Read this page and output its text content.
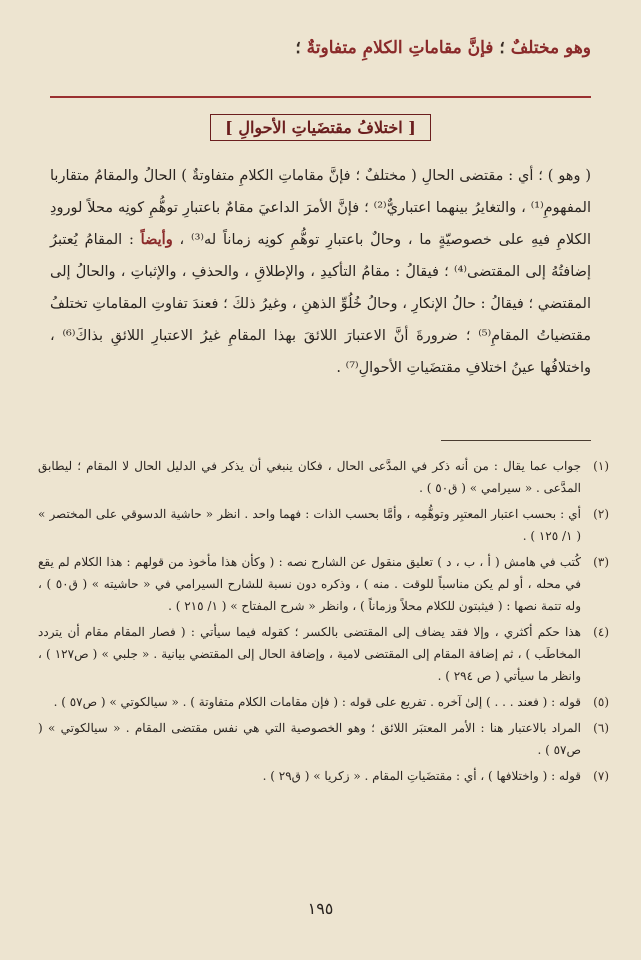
وهو مختلفٌ ؛ فإنَّ مقاماتِ الكلامِ متفاوتةٌ ؛
[ اختلافُ مقتضَياتِ الأحوالِ ]
( وهو ) ؛ أي : مقتضى الحالِ ( مختلفٌ ؛ فإنَّ مقاماتِ الكلامِ متفاوتةٌ ) الحالُ والمقامُ متقاربا المفهومِ⁽¹⁾ ، والتغايرُ بينهما اعتباريٌّ⁽²⁾ ؛ فإنَّ الأمرَ الداعيَ مقامٌ باعتبارِ توهُّمِ كونِه محلاً لورودِ الكلامِ فيهِ على خصوصيّةٍ ما ، وحالٌ باعتبارِ توهُّمِ كونِه زماناً له⁽³⁾ ، وأيضاً : المقامُ يُعتبرُ إضافتُهُ إلى المقتضى⁽⁴⁾ ؛ فيقالُ : مقامُ التأكيدِ ، والإطلاقِ ، والحذفِ ، والإثباتِ ، والحالُ إلى المقتضي ؛ فيقالُ : حالُ الإنكارِ ، وحالُ خُلُوِّ الذهنِ ، وغيرُ ذلكَ ؛ فعندَ تفاوتِ المقاماتِ تختلفُ مقتضياتُ المقامِ⁽⁵⁾ ؛ ضرورةَ أنَّ الاعتبارَ اللائقَ بهذا المقامِ غيرُ الاعتبارِ اللائقِ بذاكَ⁽⁶⁾ ، واختلافُها عينُ اختلافِ مقتضَياتِ الأحوالِ⁽⁷⁾ .
(١)
جواب عما يقال : من أنه ذكر في المدَّعى الحال ، فكان ينبغي أن يذكر في الدليل الحال لا المقام ؛ ليطابق المدَّعى . « سيرامي » ( ق٥٠ ) .
(٢)
أي : بحسب اعتبار المعتبِر وتوهُّمِه ، وأمَّا بحسب الذات : فهما واحد . انظر « حاشية الدسوقي على المختصر » ( ١/ ١٢٥ ) .
(٣)
كُتب في هامش ( أ ، ب ، د ) تعليق منقول عن الشارح نصه : ( وكأن هذا مأخوذ من قولهم : هذا الكلام لم يقع في محله ، أو لم يكن مناسباً للوقت . منه ) ، وذكره دون نسبة للشارح السيرامي في « حاشيته » ( ق٥٠ ) ، وله تتمة نصها : ( فيثبتون للكلام محلاً وزماناً ) ، وانظر « شرح المفتاح » ( ١/ ٢١٥ ) .
(٤)
هذا حكم أكثري ، وإلا فقد يضاف إلى المقتضى بالكسر ؛ كقوله فيما سيأتي : ( فصار المقام مقام أن يتردد المخاطَب ) ، ثم إضافة المقام إلى المقتضى لامية ، وإضافة الحال إلى المقتضي بيانية . « جلبي » ( ص١٢٧ ) ، وانظر ما سيأتي ( ص ٢٩٤ ) .
(٥)
قوله : ( فعند . . . ) إلىٰ آخره . تفريع على قوله : ( فإن مقامات الكلام متفاوتة ) . « سيالكوتي » ( ص٥٧ ) .
(٦)
المراد بالاعتبار هنا : الأمر المعتبَر اللائق ؛ وهو الخصوصية التي هي نفس مقتضى المقام . « سيالكوتي » ( ص٥٧ ) .
(٧)
قوله : ( واختلافها ) ، أي : مقتضَياتِ المقام . « زكريا » ( ق٢٩ ) .
١٩٥
